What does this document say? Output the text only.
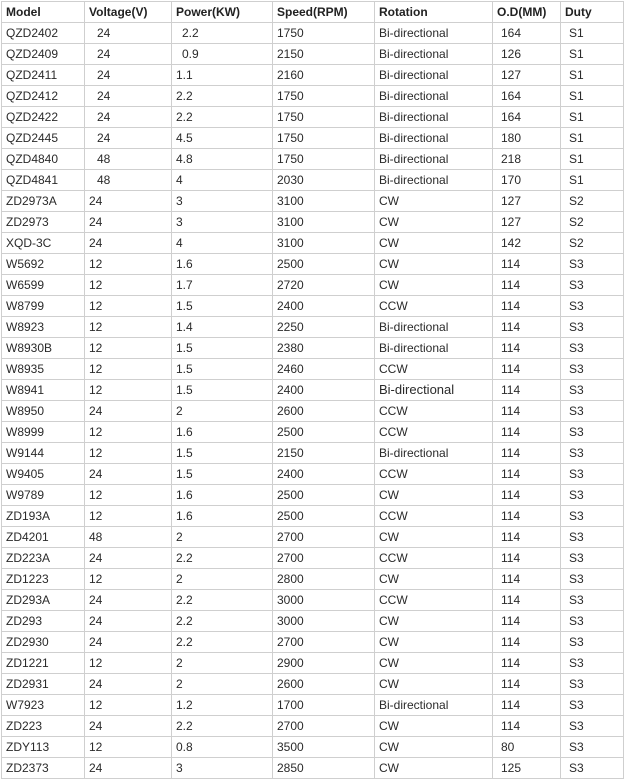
Model	Voltage(V)	Power(KW)	Speed(RPM)	Rotation	O.D(MM)	Duty
QZD2402	24	2.2	1750	Bi-directional	164	S1
QZD2409	24	0.9	2150	Bi-directional	126	S1
QZD2411	24	1.1	2160	Bi-directional	127	S1
QZD2412	24	2.2	1750	Bi-directional	164	S1
QZD2422	24	2.2	1750	Bi-directional	164	S1
QZD2445	24	4.5	1750	Bi-directional	180	S1
QZD4840	48	4.8	1750	Bi-directional	218	S1
QZD4841	48	4	2030	Bi-directional	170	S1
ZD2973A	24	3	3100	CW	127	S2
ZD2973	24	3	3100	CW	127	S2
XQD-3C	24	4	3100	CW	142	S2
W5692	12	1.6	2500	CW	114	S3
W6599	12	1.7	2720	CW	114	S3
W8799	12	1.5	2400	CCW	114	S3
W8923	12	1.4	2250	Bi-directional	114	S3
W8930B	12	1.5	2380	Bi-directional	114	S3
W8935	12	1.5	2460	CCW	114	S3
W8941	12	1.5	2400	Bi-directional	114	S3
W8950	24	2	2600	CCW	114	S3
W8999	12	1.6	2500	CCW	114	S3
W9144	12	1.5	2150	Bi-directional	114	S3
W9405	24	1.5	2400	CCW	114	S3
W9789	12	1.6	2500	CW	114	S3
ZD193A	12	1.6	2500	CCW	114	S3
ZD4201	48	2	2700	CW	114	S3
ZD223A	24	2.2	2700	CCW	114	S3
ZD1223	12	2	2800	CW	114	S3
ZD293A	24	2.2	3000	CCW	114	S3
ZD293	24	2.2	3000	CW	114	S3
ZD2930	24	2.2	2700	CW	114	S3
ZD1221	12	2	2900	CW	114	S3
ZD2931	24	2	2600	CW	114	S3
W7923	12	1.2	1700	Bi-directional	114	S3
ZD223	24	2.2	2700	CW	114	S3
ZDY113	12	0.8	3500	CW	80	S3
ZD2373	24	3	2850	CW	125	S3
